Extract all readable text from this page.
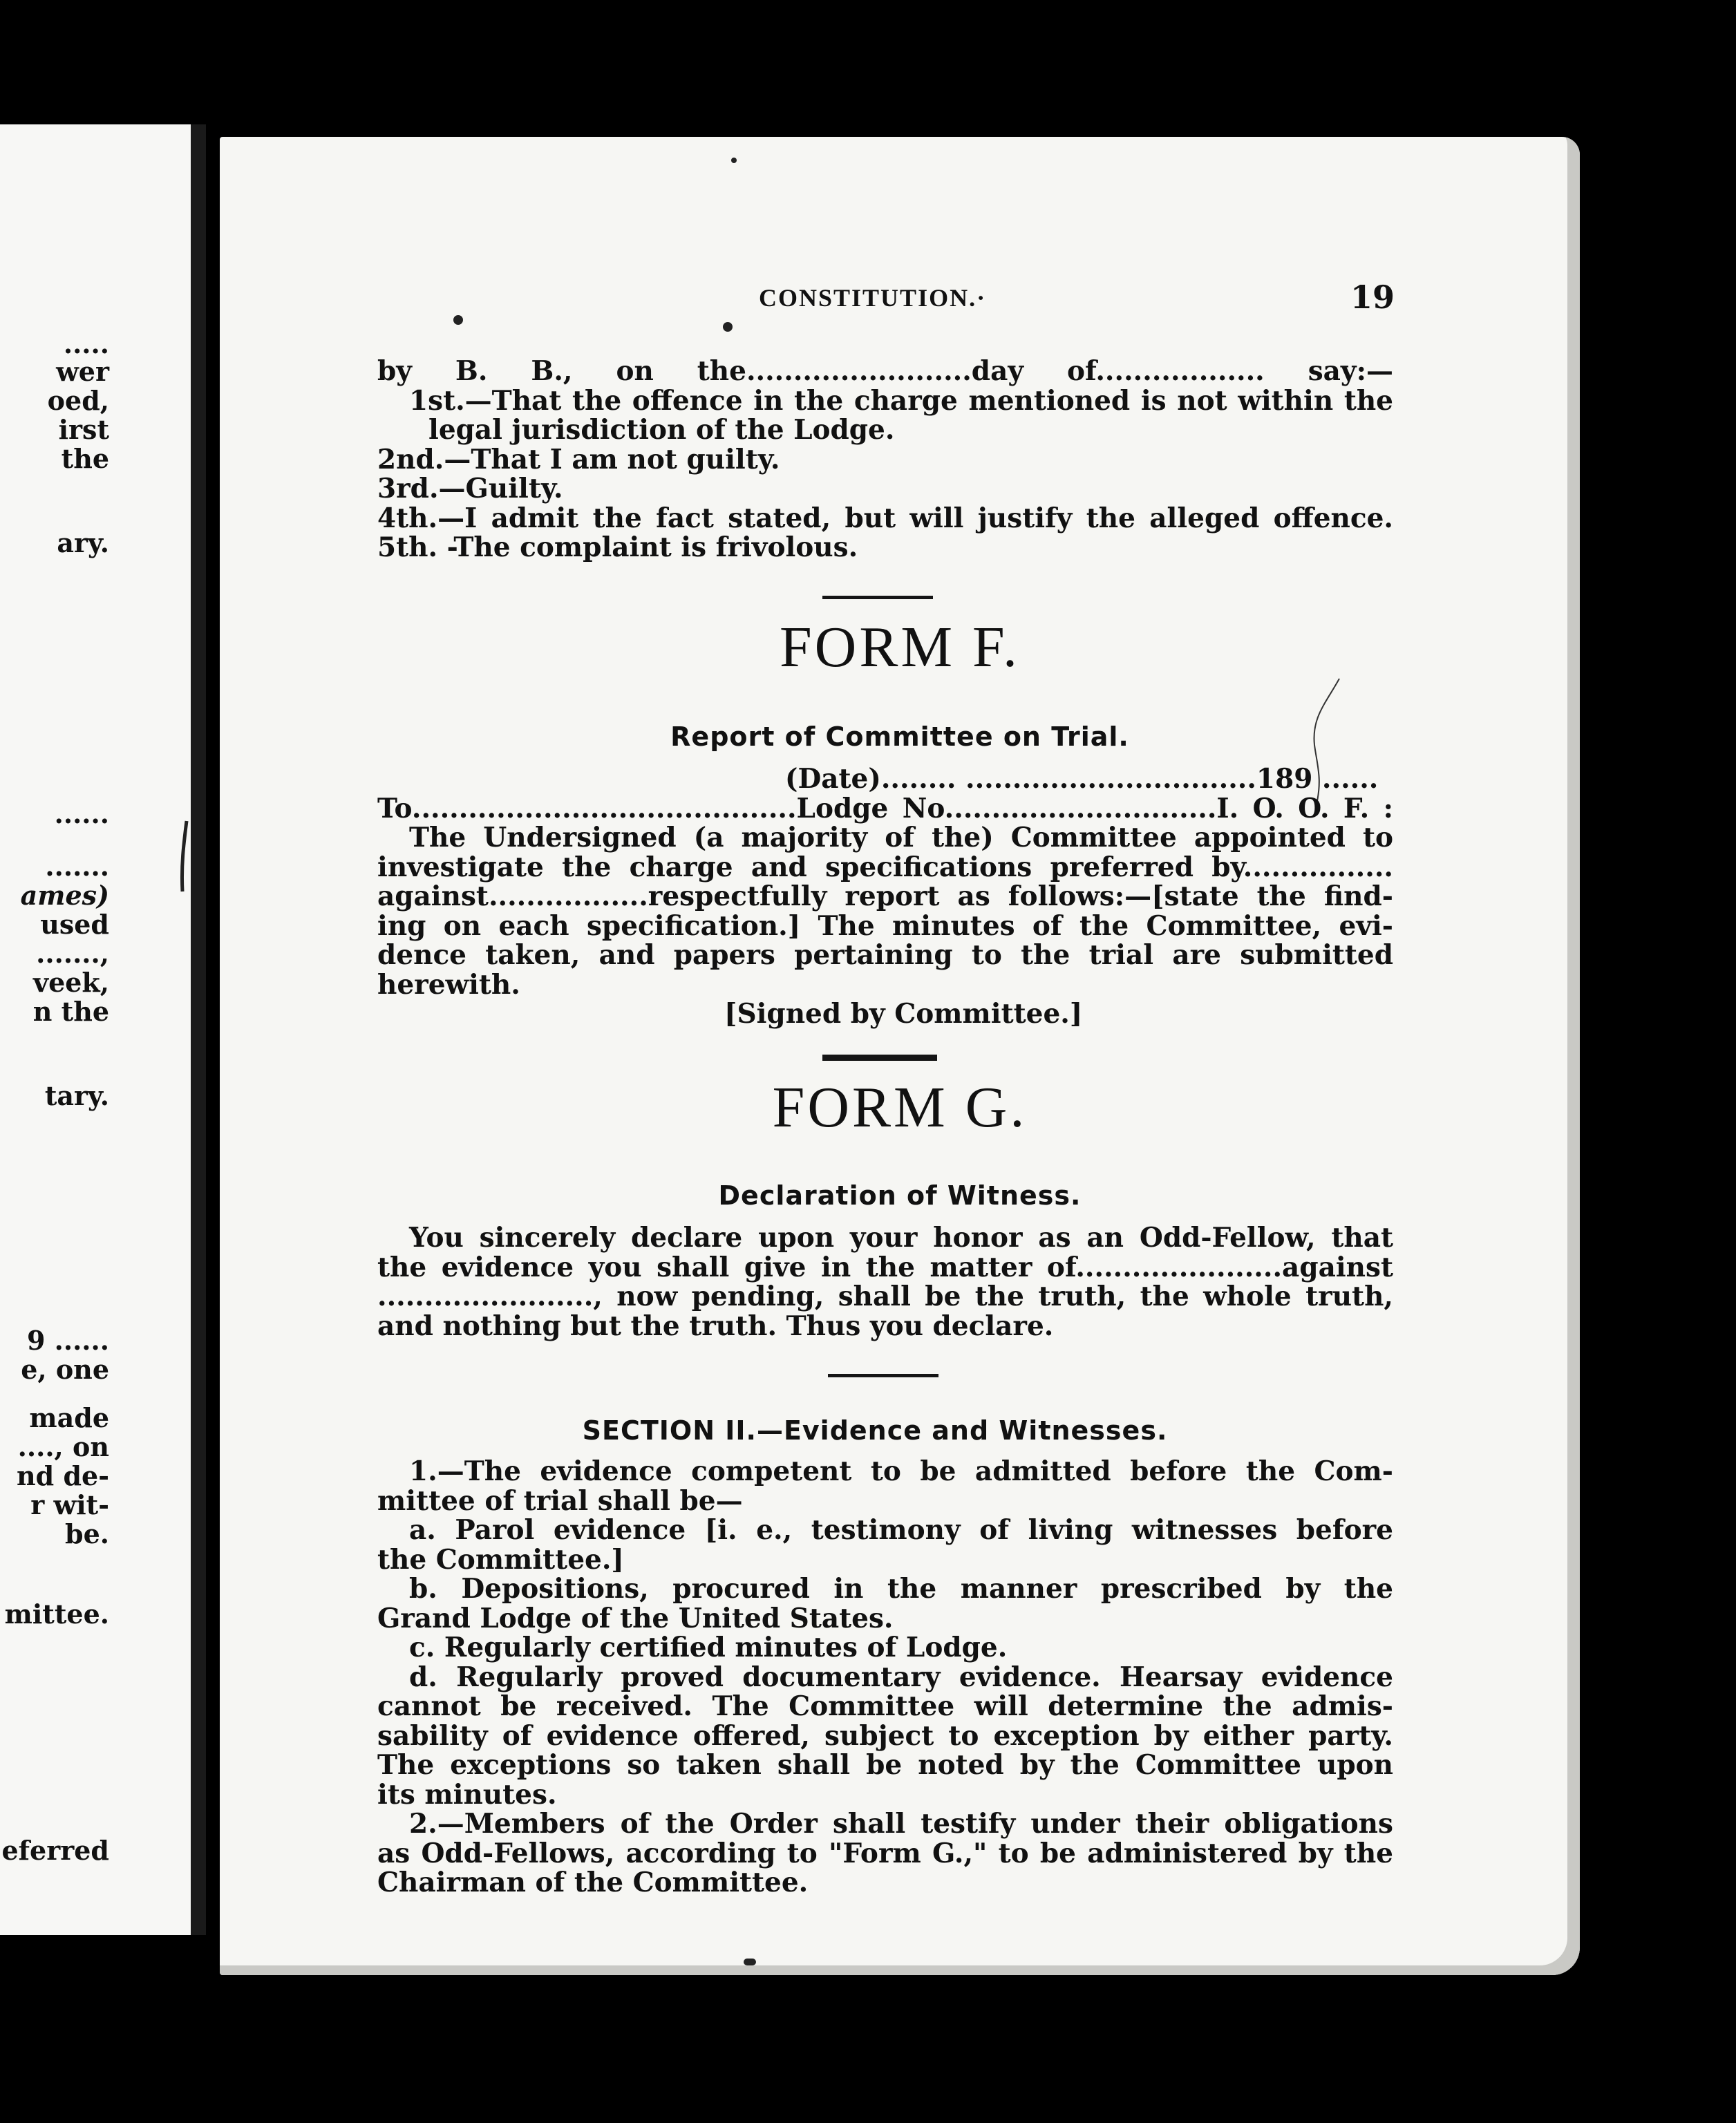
.....
wer
oed,
irst
the
ary.
......
.......
ames)
used
.......,
veek,
n the
tary.
9 ......
e, one
made
...., on
nd de-
r wit-
be.
mittee.
eferred
CONSTITUTION.·	19
by B. B., on the........................day of.................. say:—
1st.—That the offence in the charge mentioned is not within the
legal jurisdiction of the Lodge.
2nd.—That I am not guilty.
3rd.—Guilty.
4th.—I admit the fact stated, but will justify the alleged offence.
5th. -The complaint is frivolous.
FORM F.
Report of Committee on Trial.
(Date)........ ...............................189 ......
To.........................................Lodge No.............................I. O. O. F. :
The Undersigned (a majority of the) Committee appointed to
investigate the charge and specifications preferred by................
against.................respectfully report as follows:—[state the find-
ing on each specification.] The minutes of the Committee, evi-
dence taken, and papers pertaining to the trial are submitted
herewith.
[Signed by Committee.]
FORM G.
Declaration of Witness.
You sincerely declare upon your honor as an Odd-Fellow, that
the evidence you shall give in the matter of......................against
......................., now pending, shall be the truth, the whole truth,
and nothing but the truth. Thus you declare.
SECTION II.—Evidence and Witnesses.
1.—The evidence competent to be admitted before the Com-
mittee of trial shall be—
a. Parol evidence [i. e., testimony of living witnesses before
the Committee.]
b. Depositions, procured in the manner prescribed by the
Grand Lodge of the United States.
c. Regularly certified minutes of Lodge.
d. Regularly proved documentary evidence. Hearsay evidence
cannot be received. The Committee will determine the admis-
sability of evidence offered, subject to exception by either party.
The exceptions so taken shall be noted by the Committee upon
its minutes.
2.—Members of the Order shall testify under their obligations
as Odd-Fellows, according to "Form G.," to be administered by the
Chairman of the Committee.
